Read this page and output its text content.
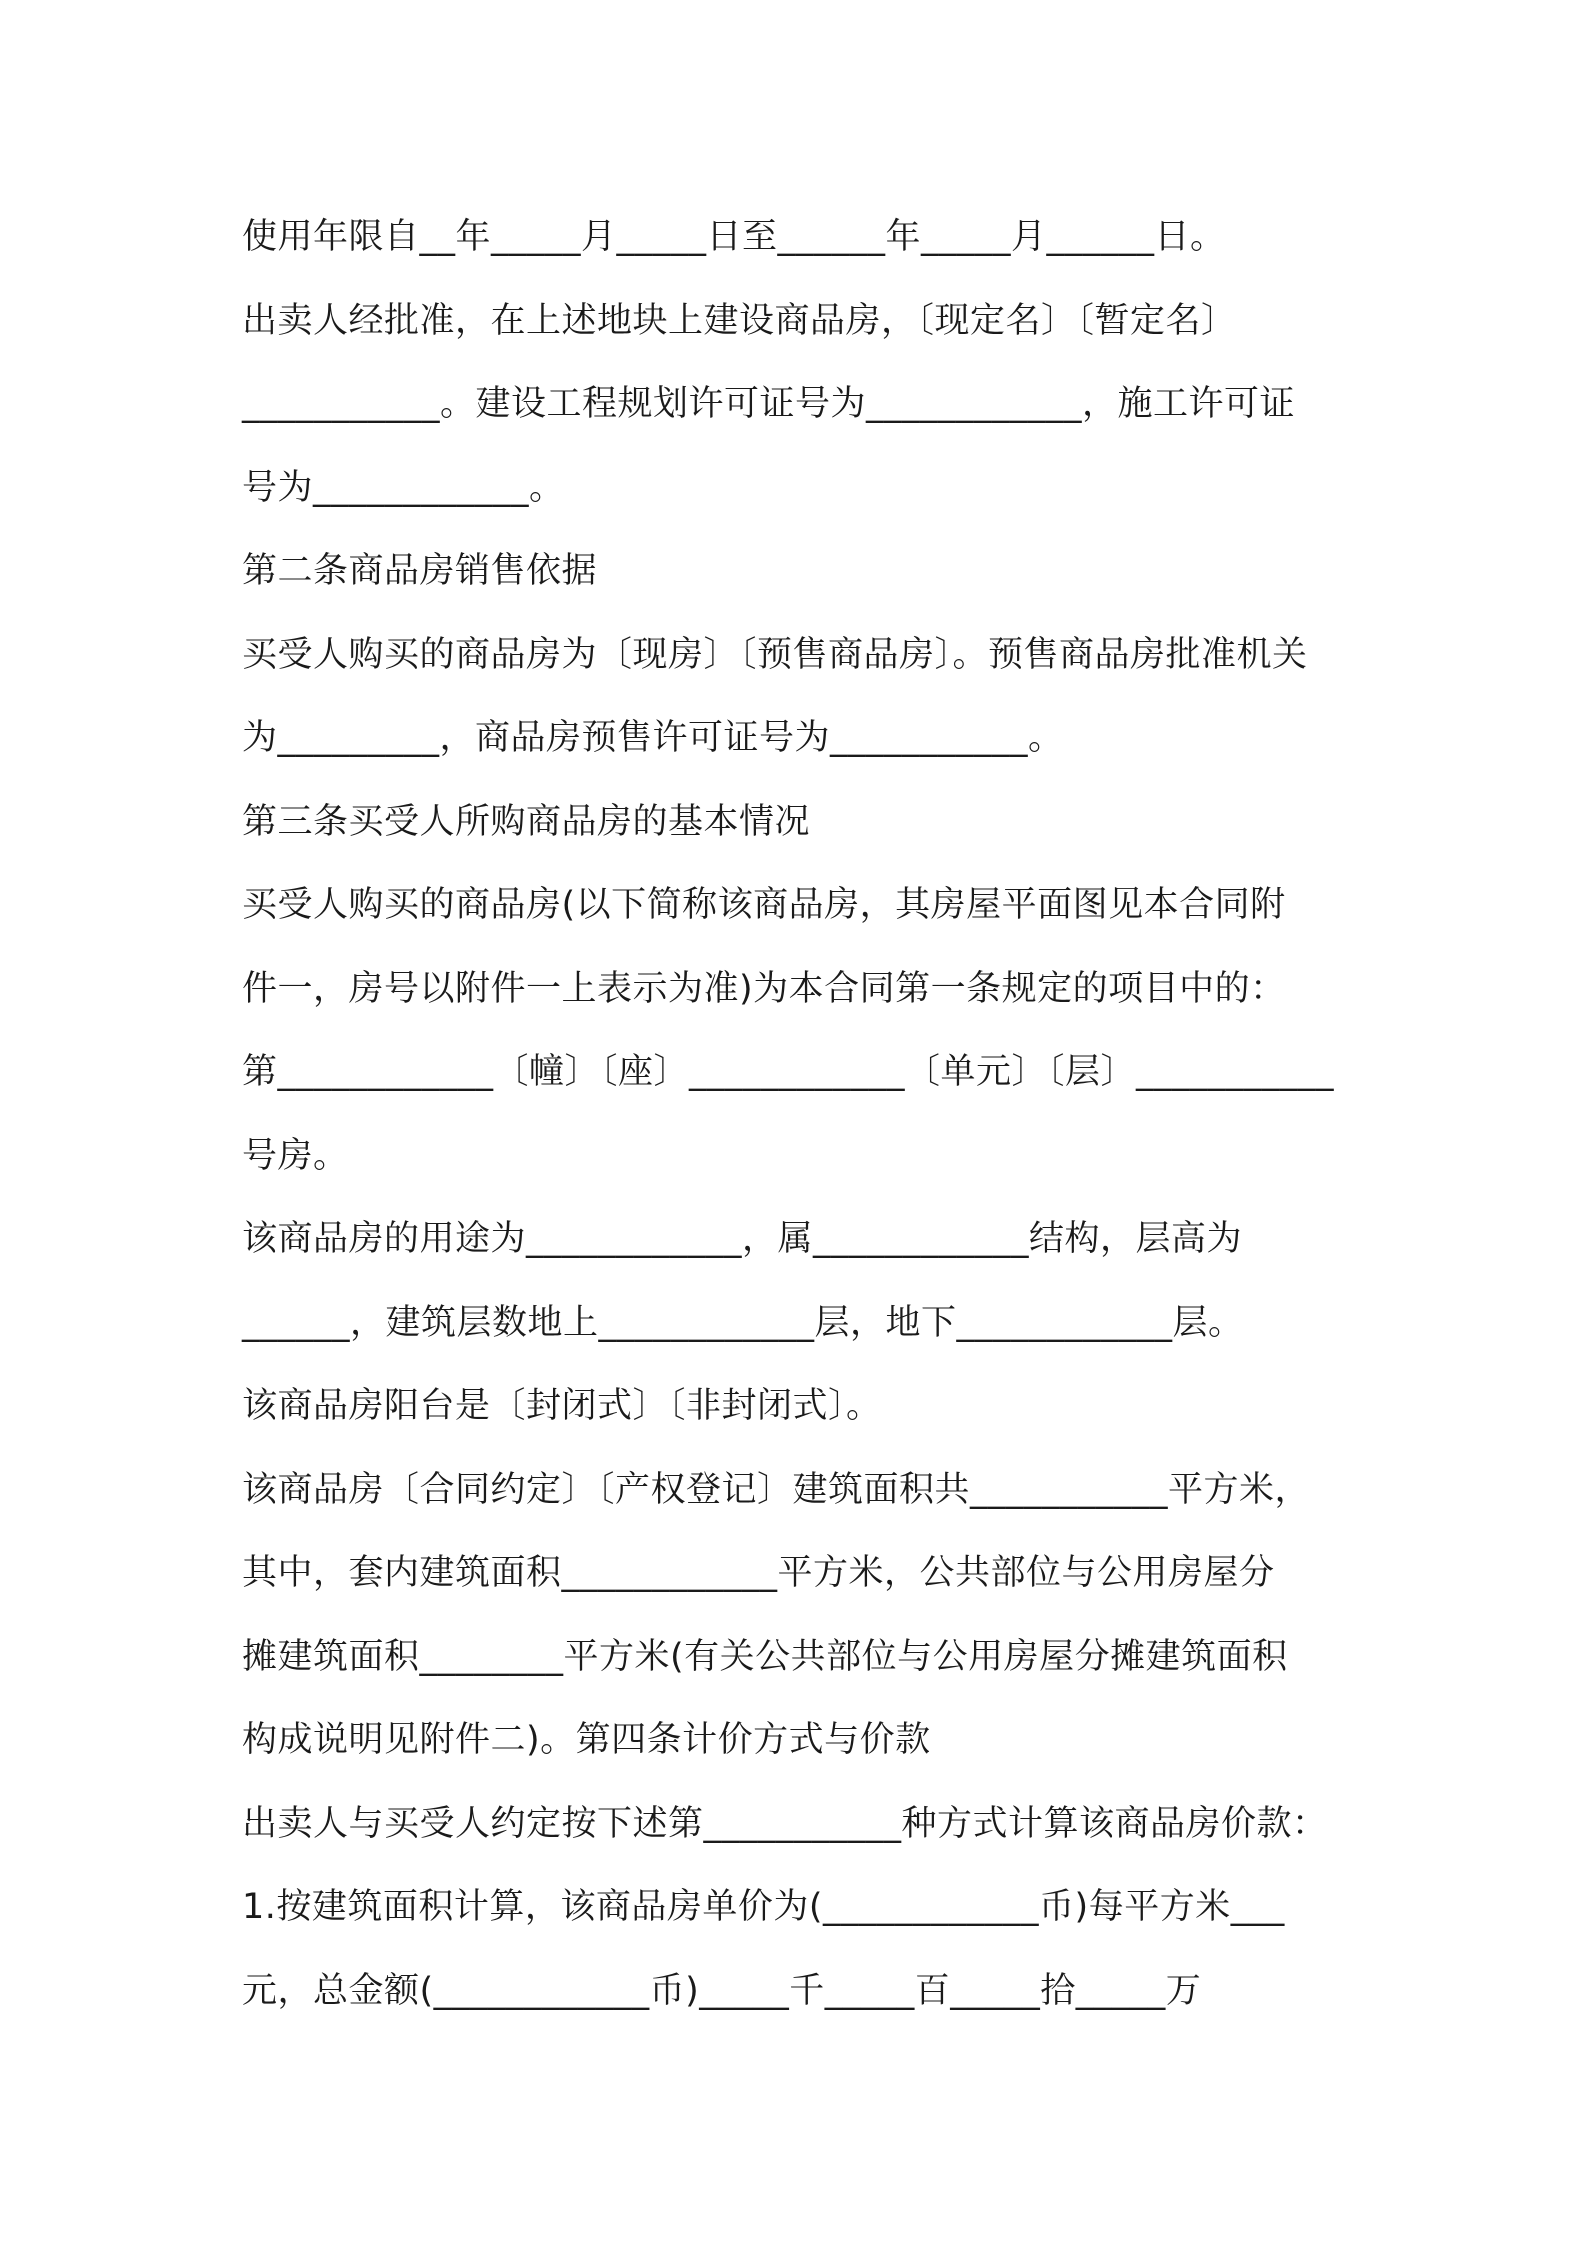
使用年限自__年_____月_____日至______年_____月______日。
出卖人经批准，在上述地块上建设商品房，〔现定名〕〔暂定名〕
___________。建设工程规划许可证号为____________，施工许可证
号为____________。
第二条商品房销售依据
买受人购买的商品房为〔现房〕〔预售商品房〕。预售商品房批准机关
为_________，商品房预售许可证号为___________。
第三条买受人所购商品房的基本情况
买受人购买的商品房(以下简称该商品房，其房屋平面图见本合同附
件一，房号以附件一上表示为准)为本合同第一条规定的项目中的：
第____________〔幢〕〔座〕____________〔单元〕〔层〕___________
号房。
该商品房的用途为____________，属____________结构，层高为
______，建筑层数地上____________层，地下____________层。
该商品房阳台是〔封闭式〕〔非封闭式〕。
该商品房〔合同约定〕〔产权登记〕建筑面积共___________平方米，
其中，套内建筑面积____________平方米，公共部位与公用房屋分
摊建筑面积________平方米(有关公共部位与公用房屋分摊建筑面积
构成说明见附件二)。第四条计价方式与价款
出卖人与买受人约定按下述第___________种方式计算该商品房价款：
1.按建筑面积计算，该商品房单价为(____________币)每平方米___
元，总金额(____________币)_____千_____百_____拾_____万
